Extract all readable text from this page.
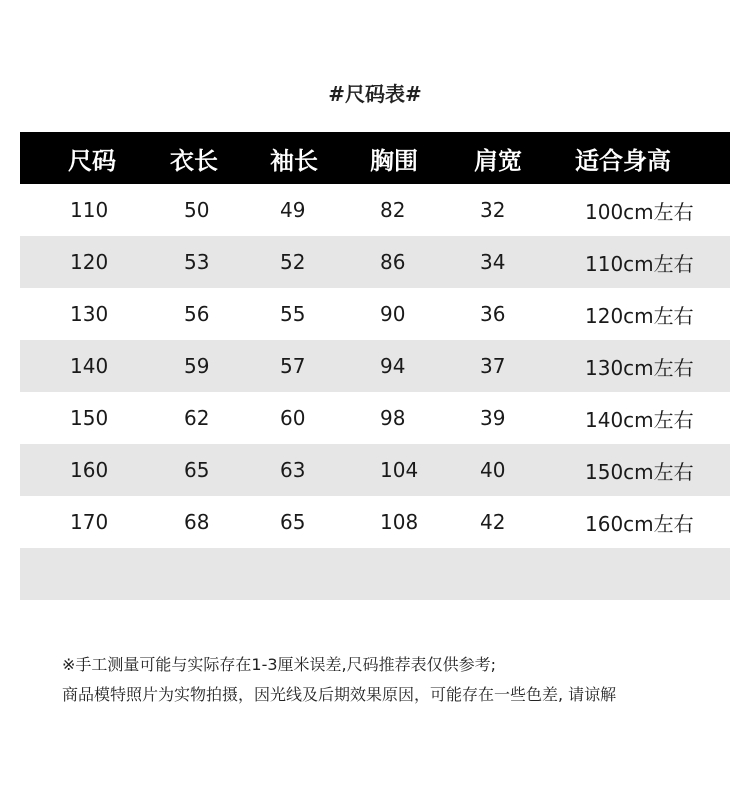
#尺码表#
尺码	衣长	袖长	胸围	肩宽	适合身高
110	50	49	82	32	100cm左右
120	53	52	86	34	110cm左右
130	56	55	90	36	120cm左右
140	59	57	94	37	130cm左右
150	62	60	98	39	140cm左右
160	65	63	104	40	150cm左右
170	68	65	108	42	160cm左右
※手工测量可能与实际存在1-3厘米误差,尺码推荐表仅供参考;
商品模特照片为实物拍摄，因光线及后期效果原因，可能存在一些色差, 请谅解
